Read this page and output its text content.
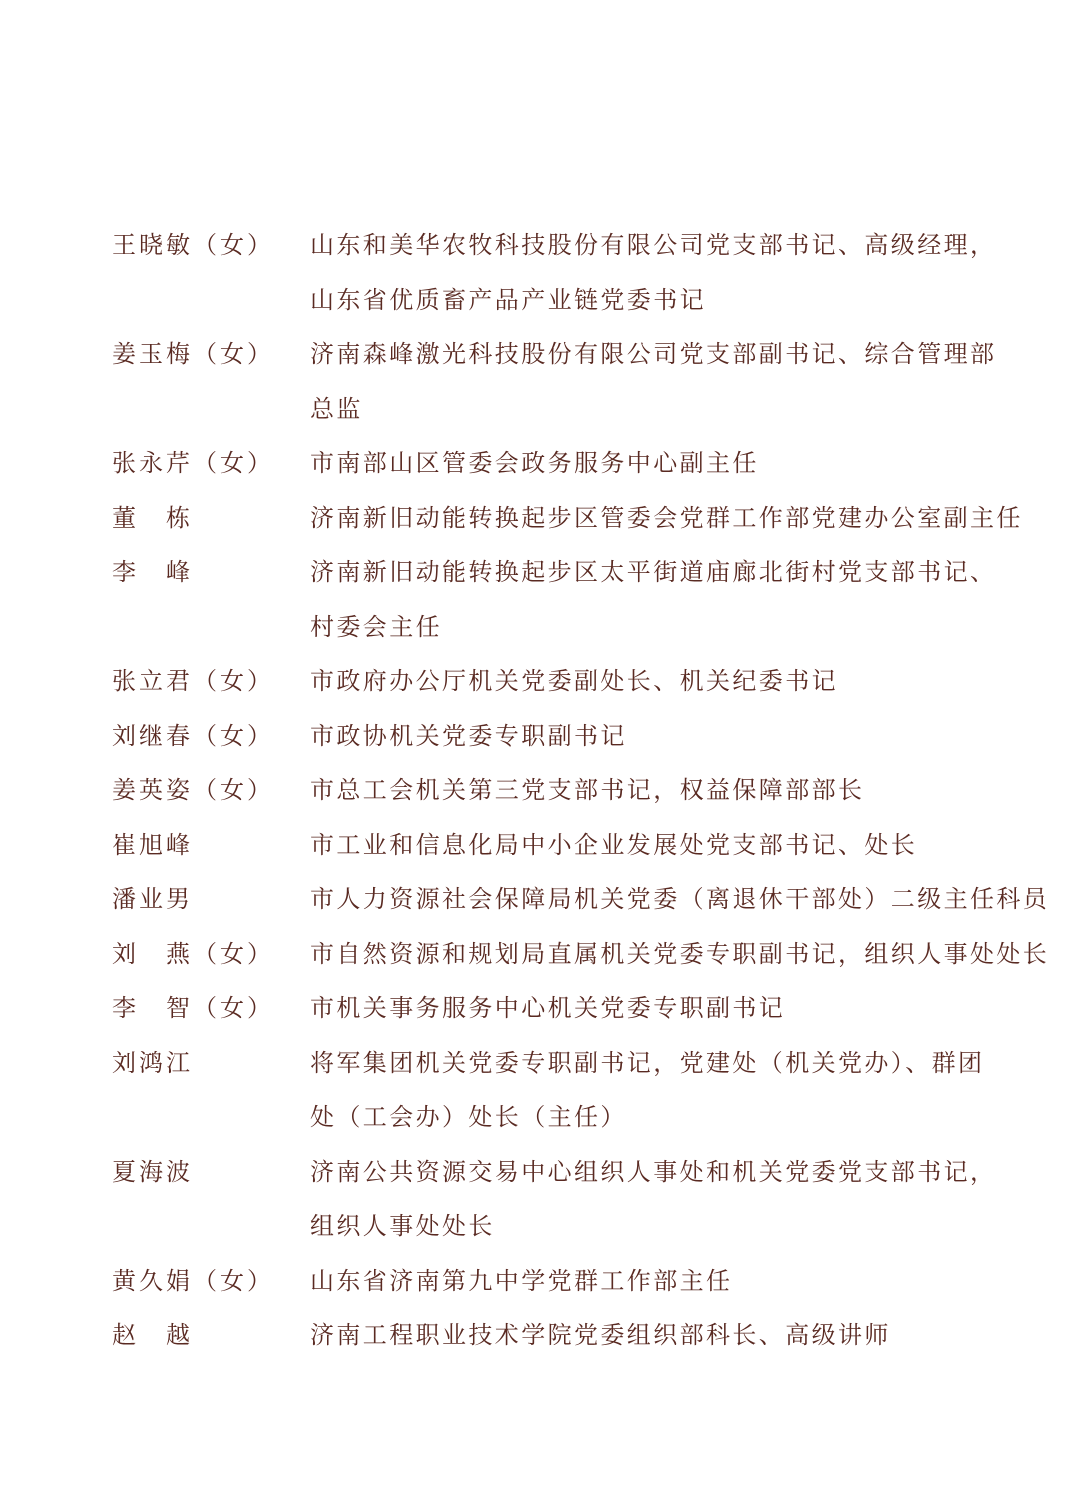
王晓敏（女）	山东和美华农牧科技股份有限公司党支部书记、高级经理，
山东省优质畜产品产业链党委书记
姜玉梅（女）	济南森峰激光科技股份有限公司党支部副书记、综合管理部
总监
张永芹（女）	市南部山区管委会政务服务中心副主任
董　栋	济南新旧动能转换起步区管委会党群工作部党建办公室副主任
李　峰	济南新旧动能转换起步区太平街道庙廊北街村党支部书记、
村委会主任
张立君（女）	市政府办公厅机关党委副处长、机关纪委书记
刘继春（女）	市政协机关党委专职副书记
姜英姿（女）	市总工会机关第三党支部书记，权益保障部部长
崔旭峰	市工业和信息化局中小企业发展处党支部书记、处长
潘业男	市人力资源社会保障局机关党委（离退休干部处）二级主任科员
刘　燕（女）	市自然资源和规划局直属机关党委专职副书记，组织人事处处长
李　智（女）	市机关事务服务中心机关党委专职副书记
刘鸿江	将军集团机关党委专职副书记，党建处（机关党办）、群团
处（工会办）处长（主任）
夏海波	济南公共资源交易中心组织人事处和机关党委党支部书记，
组织人事处处长
黄久娟（女）	山东省济南第九中学党群工作部主任
赵　越	济南工程职业技术学院党委组织部科长、高级讲师
